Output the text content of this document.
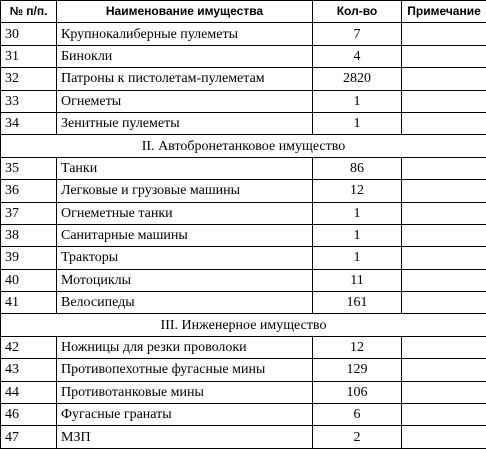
№ п/п.	Наименование имущества	Кол-во	Примечание
30	Крупнокалиберные пулеметы	7	
31	Бинокли	4	
32	Патроны к пистолетам-пулеметам	2820	
33	Огнеметы	1	
34	Зенитные пулеметы	1	
II. Автобронетанковое имущество			
35	Танки	86	
36	Легковые и грузовые машины	12	
37	Огнеметные танки	1	
38	Санитарные машины	1	
39	Тракторы	1	
40	Мотоциклы	11	
41	Велосипеды	161	
III. Инженерное имущество			
42	Ножницы для резки проволоки	12	
43	Противопехотные фугасные мины	129	
44	Противотанковые мины	106	
46	Фугасные гранаты	6	
47	МЗП	2	
